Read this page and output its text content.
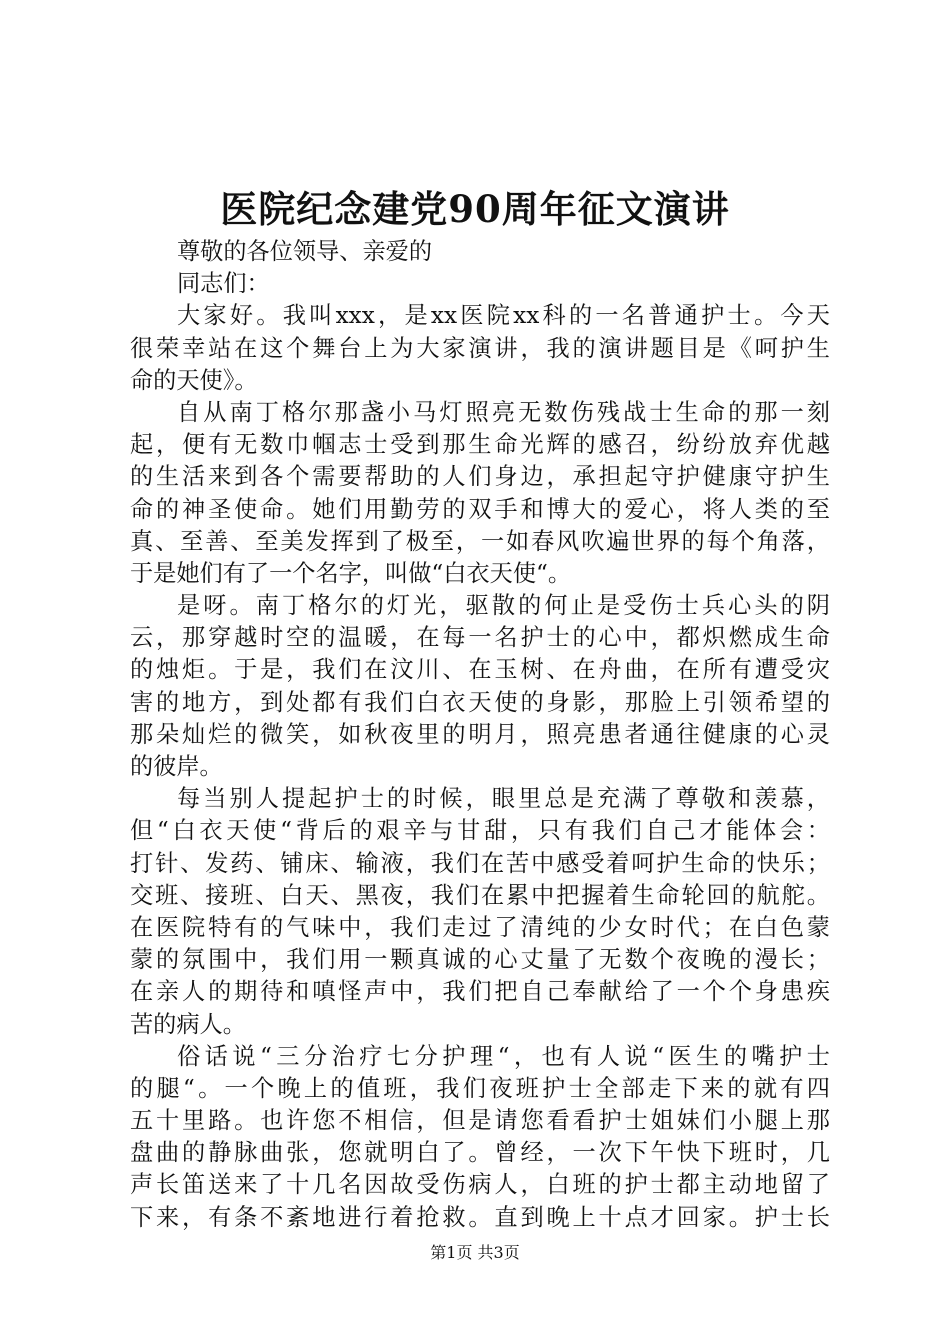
医院纪念建党90周年征文演讲
尊敬的各位领导、亲爱的
同志们：
大家好。我叫xxx，是xx医院xx科的一名普通护士。今天
很荣幸站在这个舞台上为大家演讲，我的演讲题目是《呵护生
命的天使》。
自从南丁格尔那盏小马灯照亮无数伤残战士生命的那一刻
起，便有无数巾帼志士受到那生命光辉的感召，纷纷放弃优越
的生活来到各个需要帮助的人们身边，承担起守护健康守护生
命的神圣使命。她们用勤劳的双手和博大的爱心，将人类的至
真、至善、至美发挥到了极至，一如春风吹遍世界的每个角落，
于是她们有了一个名字，叫做“白衣天使“。
是呀。南丁格尔的灯光，驱散的何止是受伤士兵心头的阴
云，那穿越时空的温暖，在每一名护士的心中，都炽燃成生命
的烛炬。于是，我们在汶川、在玉树、在舟曲，在所有遭受灾
害的地方，到处都有我们白衣天使的身影，那脸上引领希望的
那朵灿烂的微笑，如秋夜里的明月，照亮患者通往健康的心灵
的彼岸。
每当别人提起护士的时候，眼里总是充满了尊敬和羡慕，
但“白衣天使“背后的艰辛与甘甜，只有我们自己才能体会：
打针、发药、铺床、输液，我们在苦中感受着呵护生命的快乐；
交班、接班、白天、黑夜，我们在累中把握着生命轮回的航舵。
在医院特有的气味中，我们走过了清纯的少女时代；在白色蒙
蒙的氛围中，我们用一颗真诚的心丈量了无数个夜晚的漫长；
在亲人的期待和嗔怪声中，我们把自己奉献给了一个个身患疾
苦的病人。
俗话说“三分治疗七分护理“，也有人说“医生的嘴护士
的腿“。一个晚上的值班，我们夜班护士全部走下来的就有四
五十里路。也许您不相信，但是请您看看护士姐妹们小腿上那
盘曲的静脉曲张，您就明白了。曾经，一次下午快下班时，几
声长笛送来了十几名因故受伤病人，白班的护士都主动地留了
下来，有条不紊地进行着抢救。直到晚上十点才回家。护士长
第1页 共3页
